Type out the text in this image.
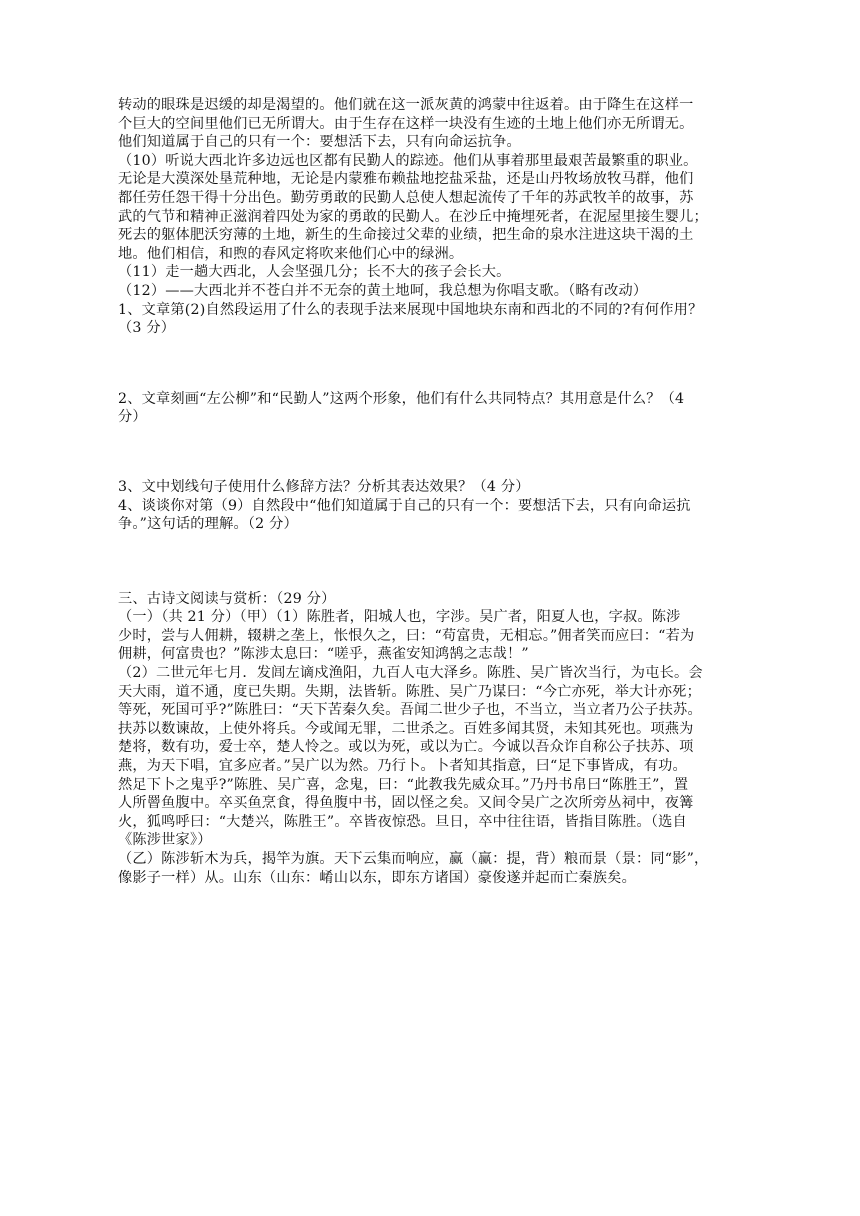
转动的眼珠是迟缓的却是渴望的。他们就在这一派灰黄的鸿蒙中往返着。由于降生在这样一
个巨大的空间里他们已无所谓大。由于生存在这样一块没有生迹的土地上他们亦无所谓无。
他们知道属于自己的只有一个：要想活下去，只有向命运抗争。
（10）听说大西北许多边远也区都有民勤人的踪迹。他们从事着那里最艰苦最繁重的职业。
无论是大漠深处垦荒种地，无论是内蒙雅布赖盐地挖盐采盐，还是山丹牧场放牧马群，他们
都任劳任怨干得十分出色。勤劳勇敢的民勤人总使人想起流传了千年的苏武牧羊的故事，苏
武的气节和精神正滋润着四处为家的勇敢的民勤人。在沙丘中掩埋死者，在泥屋里接生婴儿；
死去的躯体肥沃穷薄的土地，新生的生命接过父辈的业绩，把生命的泉水注进这块干渴的土
地。他们相信，和煦的春风定将吹来他们心中的绿洲。
（11）走一趟大西北，人会坚强几分；长不大的孩子会长大。
（12）——大西北并不苍白并不无奈的黄土地呵，我总想为你唱支歌。（略有改动）
1、文章第(2)自然段运用了什么的表现手法来展现中国地块东南和西北的不同的?有何作用？
（3 分）
2、文章刻画“左公柳”和“民勤人”这两个形象，他们有什么共同特点？其用意是什么？（4
分）
3、文中划线句子使用什么修辞方法？分析其表达效果？（4 分）
4、谈谈你对第（9）自然段中“他们知道属于自己的只有一个：要想活下去，只有向命运抗
争。”这句话的理解。（2 分）
三、古诗文阅读与赏析：（29 分）
（一）（共 21 分）（甲）（1）陈胜者，阳城人也，字涉。吴广者，阳夏人也，字叔。陈涉
少时，尝与人佣耕，辍耕之垄上，怅恨久之，曰：“苟富贵，无相忘。”佣者笑而应曰：“若为
佣耕，何富贵也？”陈涉太息曰：“嗟乎，燕雀安知鸿鹄之志哉！”
（2）二世元年七月．发闾左谪戍渔阳，九百人屯大泽乡。陈胜、吴广皆次当行，为屯长。会
天大雨，道不通，度已失期。失期，法皆斩。陈胜、吴广乃谋曰：“今亡亦死，举大计亦死；
等死，死国可乎?”陈胜曰：“天下苦秦久矣。吾闻二世少子也，不当立，当立者乃公子扶苏。
扶苏以数谏故，上使外将兵。今或闻无罪，二世杀之。百姓多闻其贤，未知其死也。项燕为
楚将，数有功，爱士卒，楚人怜之。或以为死，或以为亡。今诚以吾众诈自称公子扶苏、项
燕，为天下唱，宜多应者。”吴广以为然。乃行卜。卜者知其指意，曰“足下事皆成，有功。
然足下卜之鬼乎?”陈胜、吴广喜，念鬼，曰：“此教我先威众耳。”乃丹书帛曰“陈胜王”，置
人所罾鱼腹中。卒买鱼烹食，得鱼腹中书，固以怪之矣。又间令吴广之次所旁丛祠中，夜篝
火，狐鸣呼曰：“大楚兴，陈胜王”。卒皆夜惊恐。旦日，卒中往往语，皆指目陈胜。（选自
《陈涉世家》）
（乙）陈涉斩木为兵，揭竿为旗。天下云集而响应，赢（赢：提，背）粮而景（景：同“影”，
像影子一样）从。山东（山东：崤山以东，即东方诸国）豪俊遂并起而亡秦族矣。
